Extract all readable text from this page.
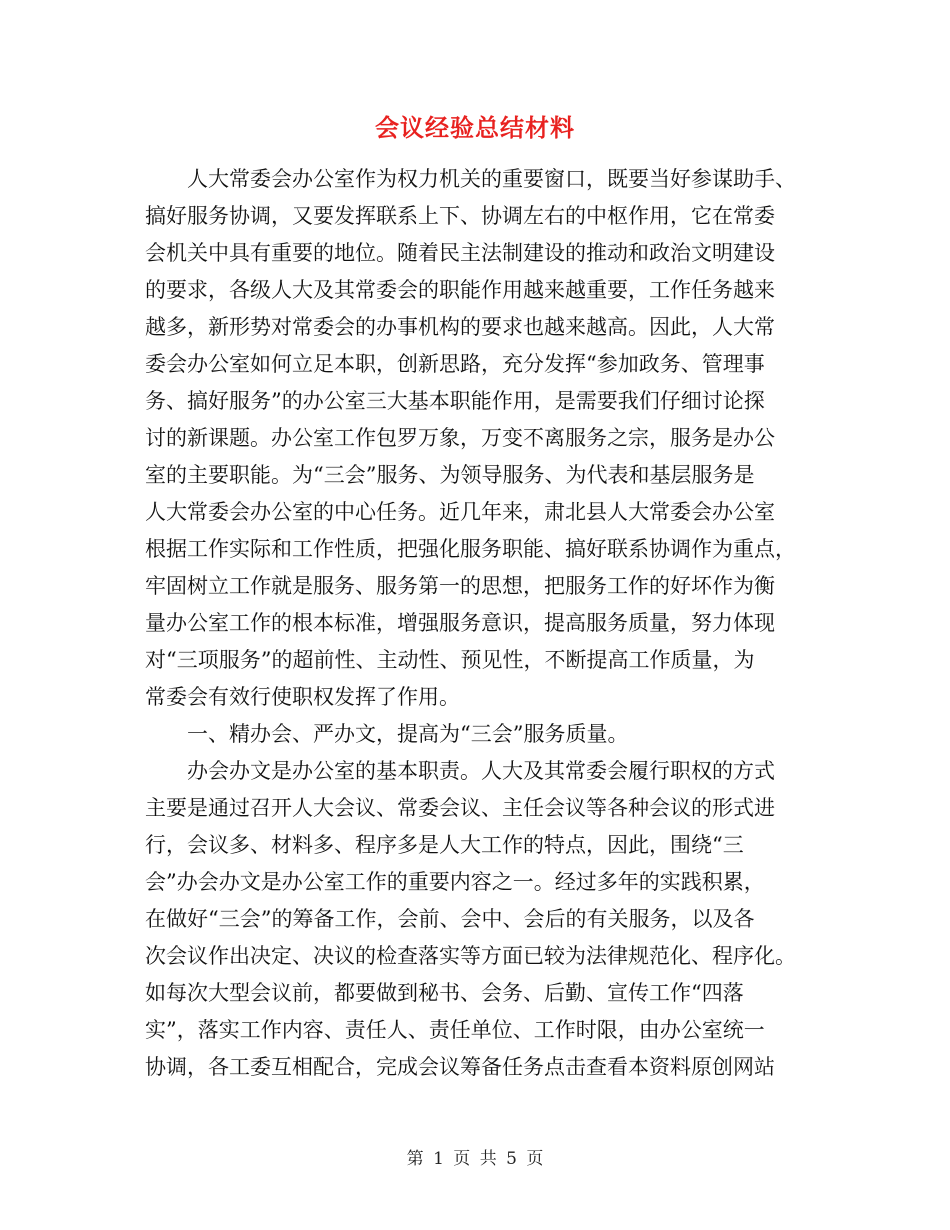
会议经验总结材料
人大常委会办公室作为权力机关的重要窗口，既要当好参谋助手、
搞好服务协调，又要发挥联系上下、协调左右的中枢作用，它在常委
会机关中具有重要的地位。随着民主法制建设的推动和政治文明建设
的要求，各级人大及其常委会的职能作用越来越重要，工作任务越来
越多，新形势对常委会的办事机构的要求也越来越高。因此，人大常
委会办公室如何立足本职，创新思路，充分发挥“参加政务、管理事
务、搞好服务”的办公室三大基本职能作用，是需要我们仔细讨论探
讨的新课题。办公室工作包罗万象，万变不离服务之宗，服务是办公
室的主要职能。为“三会”服务、为领导服务、为代表和基层服务是
人大常委会办公室的中心任务。近几年来，肃北县人大常委会办公室
根据工作实际和工作性质，把强化服务职能、搞好联系协调作为重点，
牢固树立工作就是服务、服务第一的思想，把服务工作的好坏作为衡
量办公室工作的根本标准，增强服务意识，提高服务质量，努力体现
对“三项服务”的超前性、主动性、预见性，不断提高工作质量，为
常委会有效行使职权发挥了作用。
一、精办会、严办文，提高为“三会”服务质量。
办会办文是办公室的基本职责。人大及其常委会履行职权的方式
主要是通过召开人大会议、常委会议、主任会议等各种会议的形式进
行，会议多、材料多、程序多是人大工作的特点，因此，围绕“三
会”办会办文是办公室工作的重要内容之一。经过多年的实践积累，
在做好“三会”的筹备工作，会前、会中、会后的有关服务，以及各
次会议作出决定、决议的检查落实等方面已较为法律规范化、程序化。
如每次大型会议前，都要做到秘书、会务、后勤、宣传工作“四落
实”，落实工作内容、责任人、责任单位、工作时限，由办公室统一
协调，各工委互相配合，完成会议筹备任务点击查看本资料原创网站
第 1 页 共 5 页
